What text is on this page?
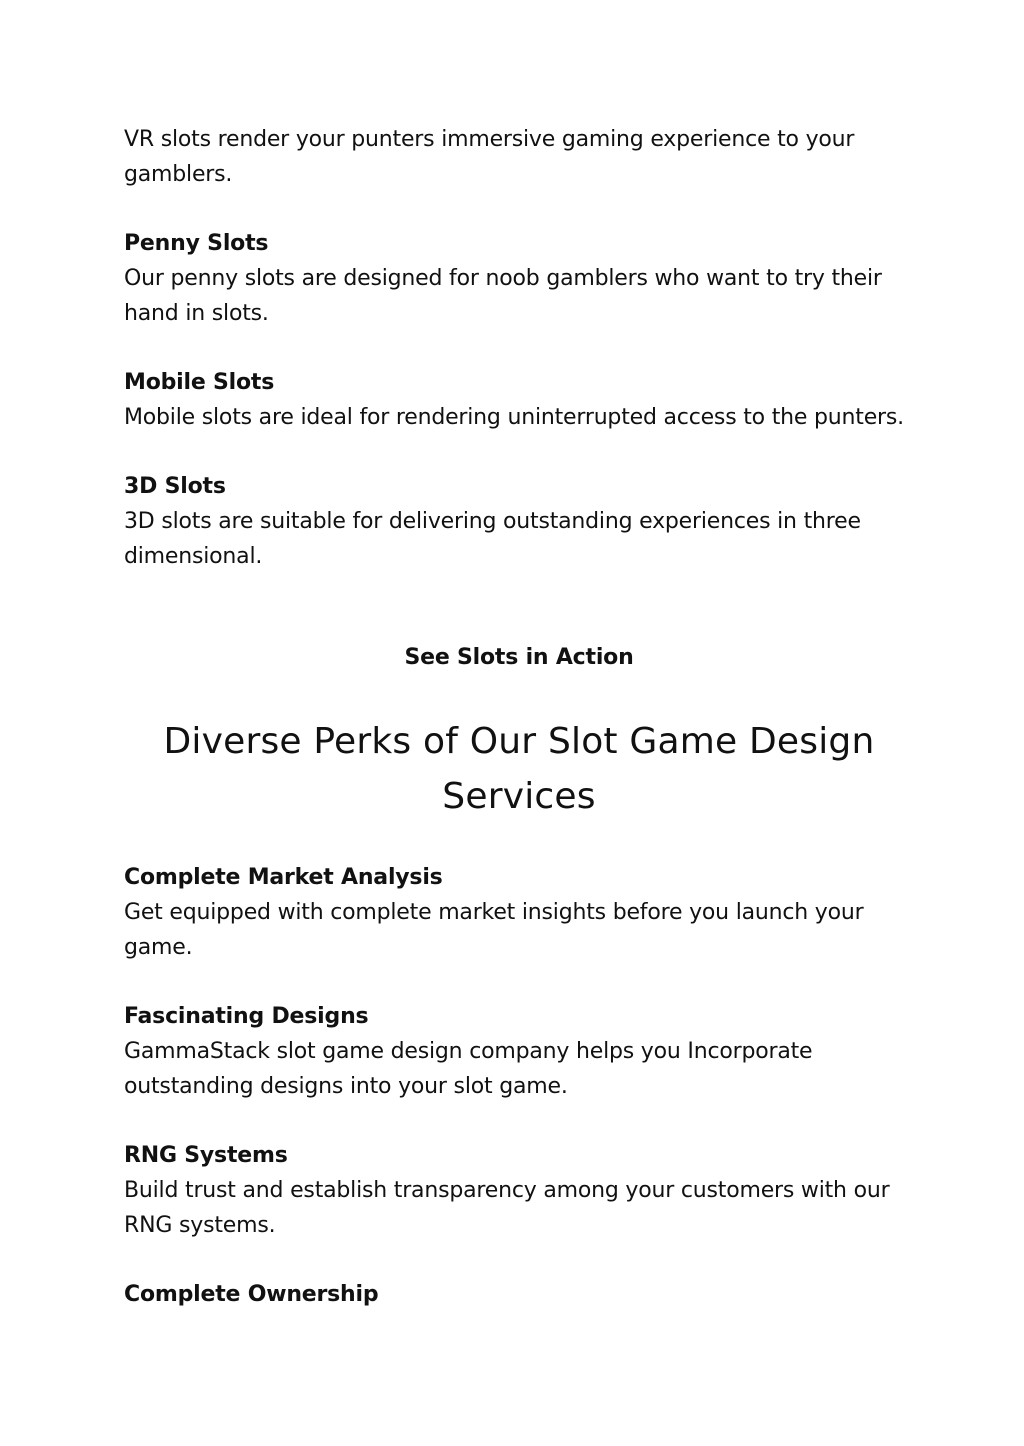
VR slots render your punters immersive gaming experience to your gamblers.

Penny Slots

Our penny slots are designed for noob gamblers who want to try their hand in slots.

Mobile Slots

Mobile slots are ideal for rendering uninterrupted access to the punters.

3D Slots

3D slots are suitable for delivering outstanding experiences in three dimensional.

See Slots in Action
Diverse Perks of Our Slot Game Design Services

Complete Market Analysis

Get equipped with complete market insights before you launch your game.

Fascinating Designs

GammaStack slot game design company helps you Incorporate outstanding designs into your slot game.

RNG Systems

Build trust and establish transparency among your customers with our RNG systems.

Complete Ownership
